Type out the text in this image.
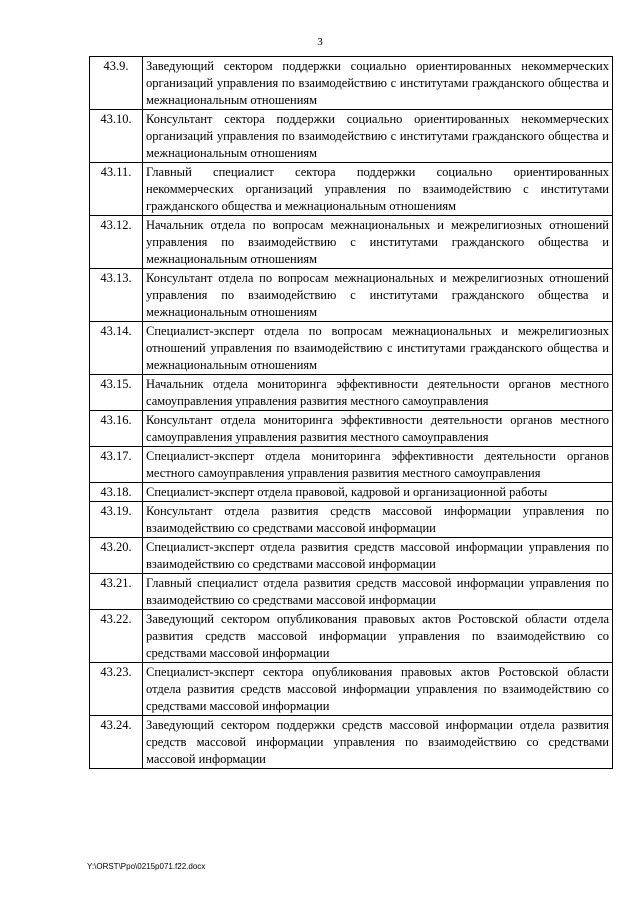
3
43.9.	Заведующий сектором поддержки социально ориентированных некоммерческих организаций управления по взаимодействию с институтами гражданского общества и межнациональным отношениям
43.10.	Консультант сектора поддержки социально ориентированных некоммерческих организаций управления по взаимодействию с институтами гражданского общества и межнациональным отношениям
43.11.	Главный специалист сектора поддержки социально ориентированных некоммерческих организаций управления по взаимодействию с институтами гражданского общества и межнациональным отношениям
43.12.	Начальник отдела по вопросам межнациональных и межрелигиозных отношений управления по взаимодействию с институтами гражданского общества и межнациональным отношениям
43.13.	Консультант отдела по вопросам межнациональных и межрелигиозных отношений управления по взаимодействию с институтами гражданского общества и межнациональным отношениям
43.14.	Специалист-эксперт отдела по вопросам межнациональных и межрелигиозных отношений управления по взаимодействию с институтами гражданского общества и межнациональным отношениям
43.15.	Начальник отдела мониторинга эффективности деятельности органов местного самоуправления управления развития местного самоуправления
43.16.	Консультант отдела мониторинга эффективности деятельности органов местного самоуправления управления развития местного самоуправления
43.17.	Специалист-эксперт отдела мониторинга эффективности деятельности органов местного самоуправления управления развития местного самоуправления
43.18.	Специалист-эксперт отдела правовой, кадровой и организационной работы
43.19.	Консультант отдела развития средств массовой информации управления по взаимодействию со средствами массовой информации
43.20.	Специалист-эксперт отдела развития средств массовой информации управления по взаимодействию со средствами массовой информации
43.21.	Главный специалист отдела развития средств массовой информации управления по взаимодействию со средствами массовой информации
43.22.	Заведующий сектором опубликования правовых актов Ростовской области отдела развития средств массовой информации управления по взаимодействию со средствами массовой информации
43.23.	Специалист-эксперт сектора опубликования правовых актов Ростовской области отдела развития средств массовой информации управления по взаимодействию со средствами массовой информации
43.24.	Заведующий сектором поддержки средств массовой информации отдела развития средств массовой информации управления по взаимодействию со средствами массовой информации
Y:\ORST\Ppo\0215p071.f22.docx
